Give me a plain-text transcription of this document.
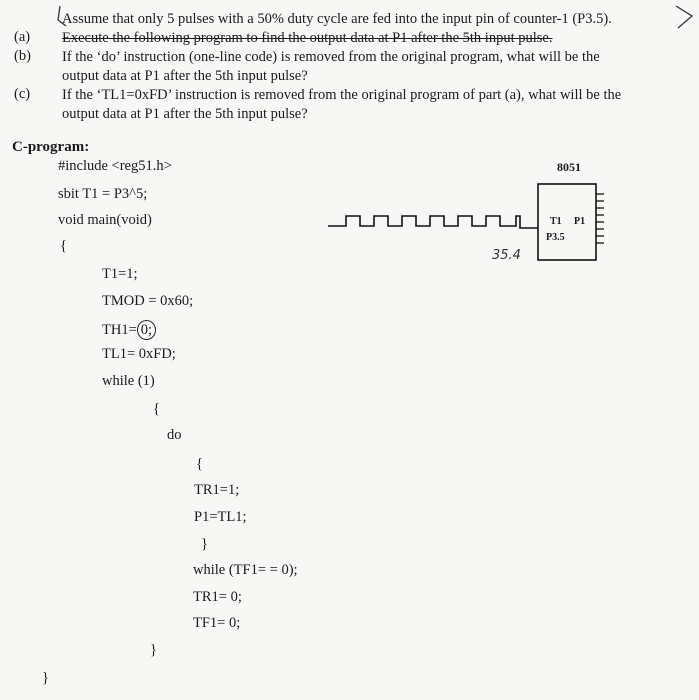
Assume that only 5 pulses with a 50% duty cycle are fed into the input pin of counter-1 (P3.5).
(a) Execute the following program to find the output data at P1 after the 5th input pulse.
(b) If the ‘do’ instruction (one-line code) is removed from the original program, what will be the
output data at P1 after the 5th input pulse?
(c) If the ‘TL1=0xFD’ instruction is removed from the original program of part (a), what will be the
output data at P1 after the 5th input pulse?
C-program:
#include <reg51.h>
sbit T1 = P3^5;
void main(void)
{
T1=1;
TMOD = 0x60;
TH1= 0;
TL1= 0xFD;
while (1)
{
do
{
TR1=1;
P1=TL1;
}
while (TF1= = 0);
TR1= 0;
TF1= 0;
}
}
8051
T1 P1
P3.5
35.4
